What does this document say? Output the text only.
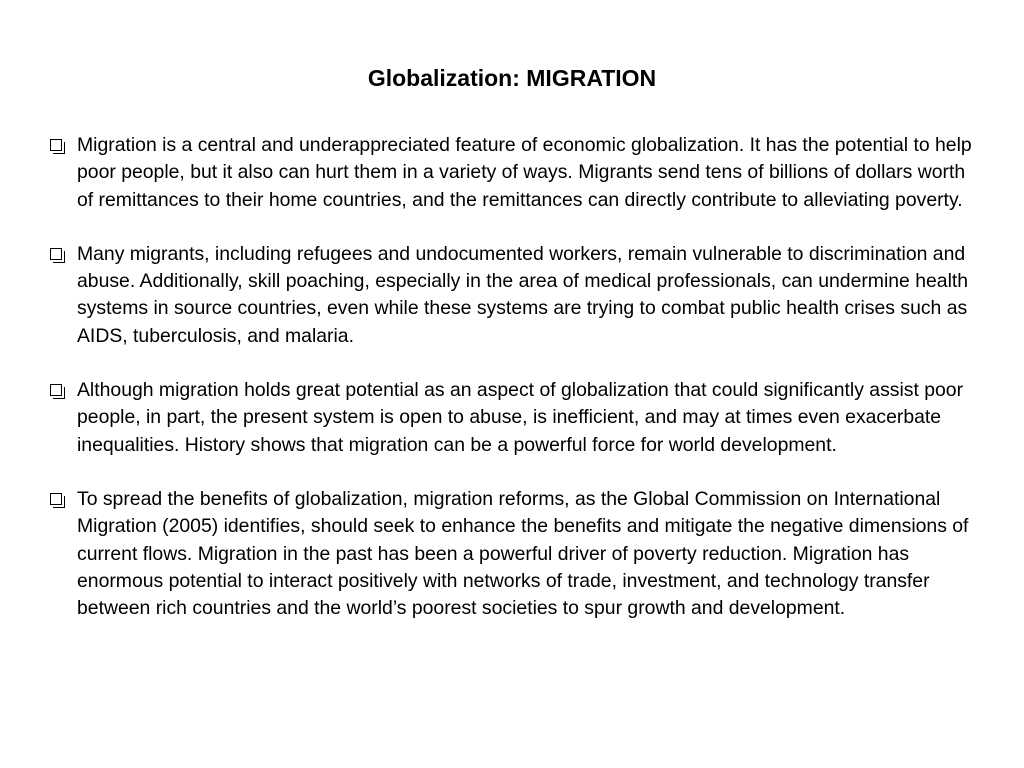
Globalization: MIGRATION
Migration is a central and underappreciated feature of economic globalization. It has the potential to help poor people, but it also can hurt them in a variety of ways. Migrants send tens of billions of dollars worth of remittances to their home countries, and the remittances can directly contribute to alleviating poverty.
Many migrants, including refugees and undocumented workers, remain vulnerable to discrimination and abuse. Additionally, skill poaching, especially in the area of medical professionals, can undermine health systems in source countries, even while these systems are trying to combat public health crises such as AIDS, tuberculosis, and malaria.
Although migration holds great potential as an aspect of globalization that could significantly assist poor people, in part, the present system is open to abuse, is inefficient, and may at times even exacerbate inequalities. History shows that migration can be a powerful force for world development.
To spread the benefits of globalization, migration reforms, as the Global Commission on International Migration (2005) identifies, should seek to enhance the benefits and mitigate the negative dimensions of current flows. Migration in the past has been a powerful driver of poverty reduction. Migration has enormous potential to interact positively with networks of trade, investment, and technology transfer between rich countries and the world’s poorest societies to spur growth and development.
